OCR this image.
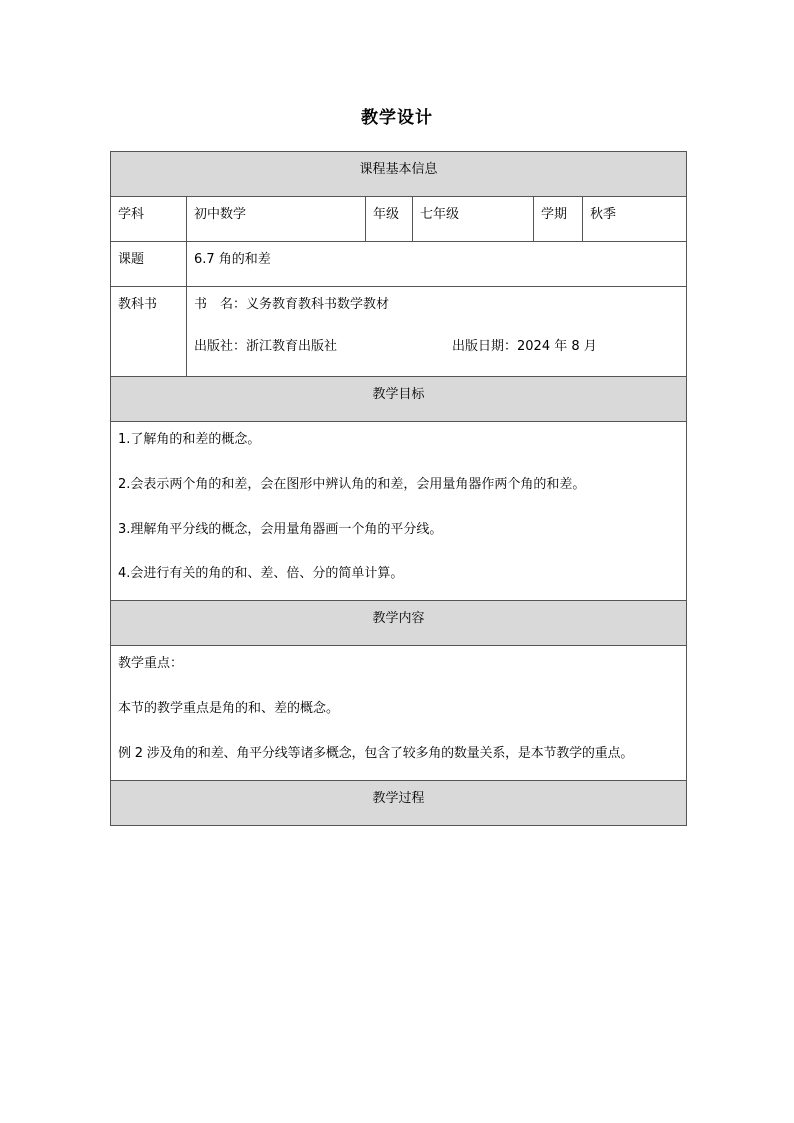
教学设计
课程基本信息					
学科	初中数学	年级	七年级	学期	秋季
课题	6.7 角的和差				
教科书	书　名：义务教育教科书数学教材
出版社：浙江教育出版社 出版日期：2024 年 8 月				

教学目标					

1.了解角的和差的概念。

2.会表示两个角的和差，会在图形中辨认角的和差，会用量角器作两个角的和差。

3.理解角平分线的概念，会用量角器画一个角的平分线。

4.会进行有关的角的和、差、倍、分的简单计算。					

教学内容					

教学重点：

本节的教学重点是角的和、差的概念。

例 2 涉及角的和差、角平分线等诸多概念，包含了较多角的数量关系，是本节教学的重点。					

教学过程					
